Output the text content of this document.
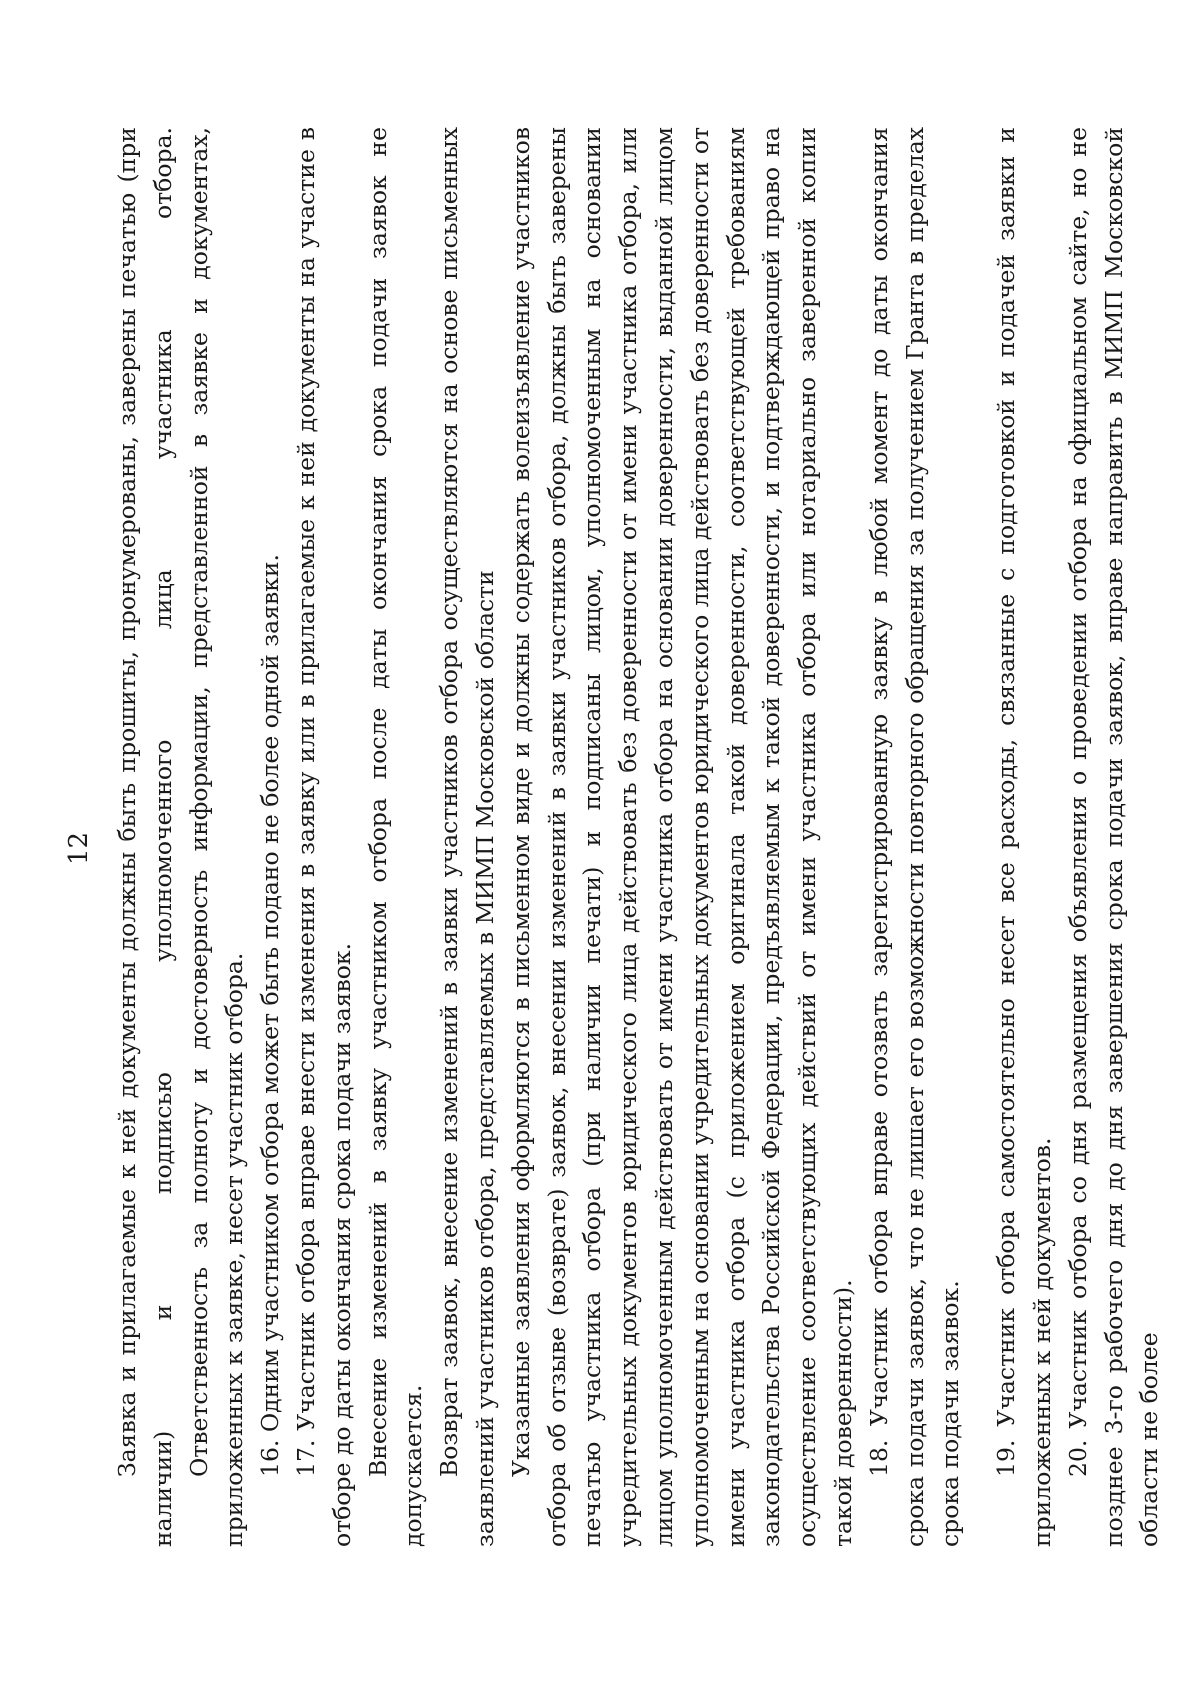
12 Заявка и прилагаемые к ней документы должны быть прошиты, пронумерованы, заверены печатью (при наличии) и подписью уполномоченного лица участника отбора. Ответственность за полноту и достоверность информации, представленной в заявке и документах, приложенных к заявке, несет участник отбора. 16. Одним участником отбора может быть подано не более одной заявки. 17. Участник отбора вправе внести изменения в заявку или в прилагаемые к ней документы на участие в отборе до даты окончания срока подачи заявок. Внесение изменений в заявку участником отбора после даты окончания срока подачи заявок не допускается. Возврат заявок, внесение изменений в заявки участников отбора осуществляются на основе письменных заявлений участников отбора, представляемых в МИМП Московской области Указанные заявления оформляются в письменном виде и должны содержать волеизъявление участников отбора об отзыве (возврате) заявок, внесении изменений в заявки участников отбора, должны быть заверены печатью участника отбора (при наличии печати) и подписаны лицом, уполномоченным на основании учредительных документов юридического лица действовать без доверенности от имени участника отбора, или лицом уполномоченным действовать от имени участника отбора на основании доверенности, выданной лицом уполномоченным на основании учредительных документов юридического лица действовать без доверенности от имени участника отбора (с приложением оригинала такой доверенности, соответствующей требованиям законодательства Российской Федерации, предъявляемым к такой доверенности, и подтверждающей право на осуществление соответствующих действий от имени участника отбора или нотариально заверенной копии такой доверенности). 18. Участник отбора вправе отозвать зарегистрированную заявку в любой момент до даты окончания срока подачи заявок, что не лишает его возможности повторного обращения за получением Гранта в пределах срока подачи заявок. 19. Участник отбора самостоятельно несет все расходы, связанные с подготовкой и подачей заявки и приложенных к ней документов. 20. Участник отбора со дня размещения объявления о проведении отбора на официальном сайте, но не позднее 3-го рабочего дня до дня завершения срока подачи заявок, вправе направить в МИМП Московской области не более
